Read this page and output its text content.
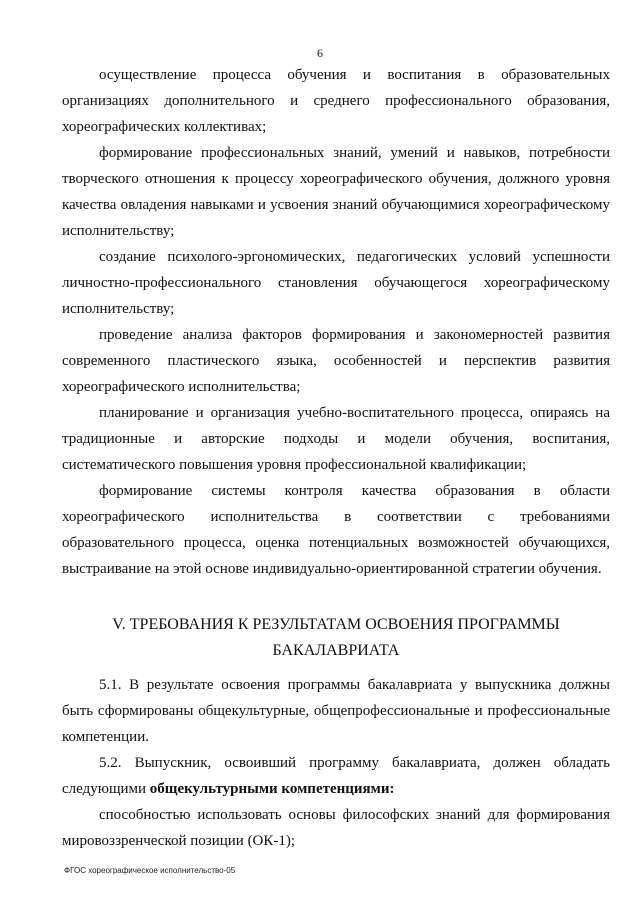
6

осуществление процесса обучения и воспитания в образовательных организациях дополнительного и среднего профессионального образования, хореографических коллективах;

формирование профессиональных знаний, умений и навыков, потребности творческого отношения к процессу хореографического обучения, должного уровня качества овладения навыками и усвоения знаний обучающимися хореографическому исполнительству;

создание психолого-эргономических, педагогических условий успешности личностно-профессионального становления обучающегося хореографическому исполнительству;

проведение анализа факторов формирования и закономерностей развития современного пластического языка, особенностей и перспектив развития хореографического исполнительства;

планирование и организация учебно-воспитательного процесса, опираясь на традиционные и авторские подходы и модели обучения, воспитания, систематического повышения уровня профессиональной квалификации;

формирование системы контроля качества образования в области хореографического исполнительства в соответствии с требованиями образовательного процесса, оценка потенциальных возможностей обучающихся, выстраивание на этой основе индивидуально-ориентированной стратегии обучения.

V. ТРЕБОВАНИЯ К РЕЗУЛЬТАТАМ ОСВОЕНИЯ ПРОГРАММЫ
БАКАЛАВРИАТА

5.1. В результате освоения программы бакалавриата у выпускника должны быть сформированы общекультурные, общепрофессиональные и профессиональные компетенции.

5.2. Выпускник, освоивший программу бакалавриата, должен обладать следующими общекультурными компетенциями:

способностью использовать основы философских знаний для формирования мировоззренческой позиции (ОК-1);

ФГОС хореографическое исполнительство-05
